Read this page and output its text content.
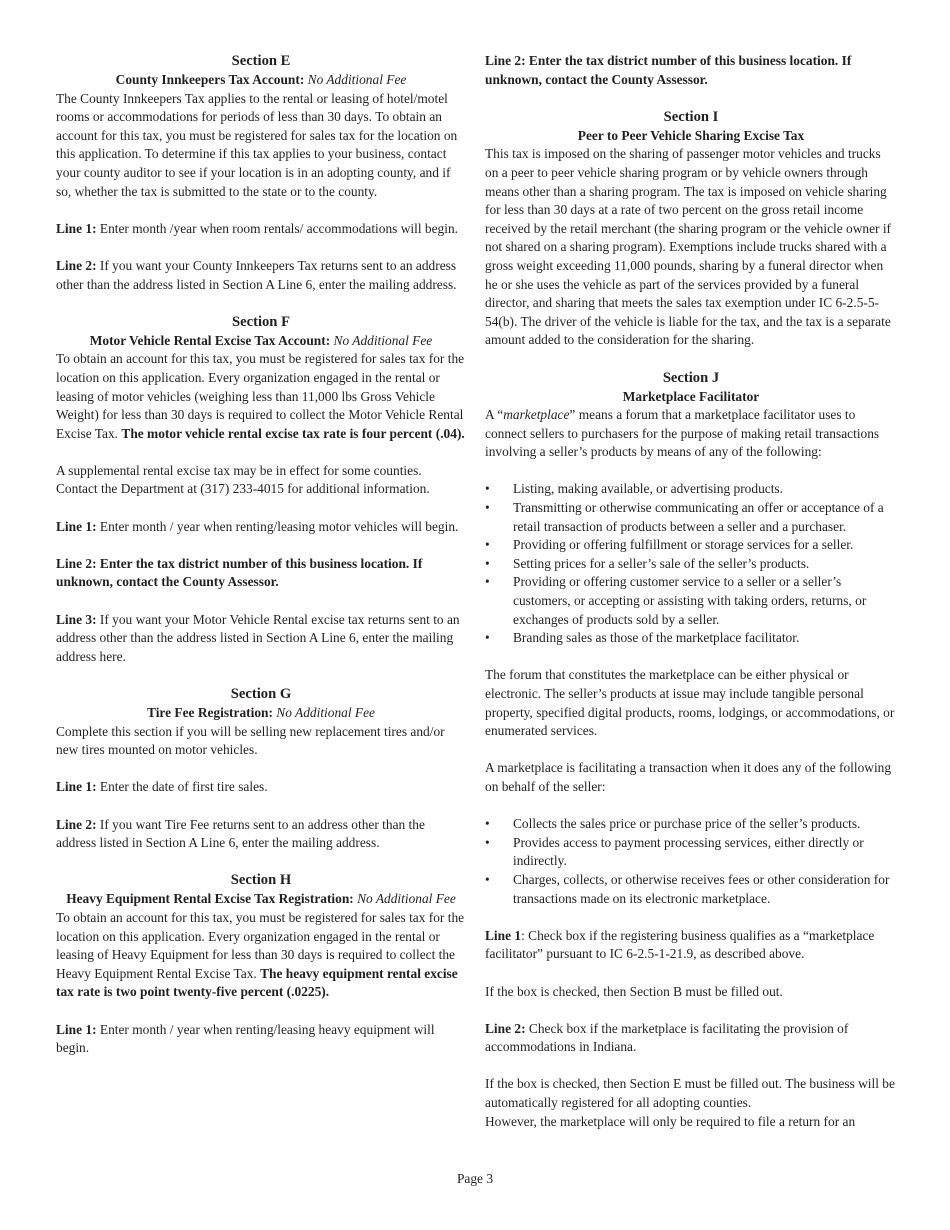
Section E

County Innkeepers Tax Account: No Additional Fee

The County Innkeepers Tax applies to the rental or leasing of hotel/motel rooms or accommodations for periods of less than 30 days. To obtain an account for this tax, you must be registered for sales tax for the location on this application. To determine if this tax applies to your business, contact your county auditor to see if your location is in an adopting county, and if so, whether the tax is submitted to the state or to the county.

Line 1: Enter month /year when room rentals/ accommodations will begin.

Line 2: If you want your County Innkeepers Tax returns sent to an address other than the address listed in Section A Line 6, enter the mailing address.

Section F

Motor Vehicle Rental Excise Tax Account: No Additional Fee

To obtain an account for this tax, you must be registered for sales tax for the location on this application. Every organization engaged in the rental or leasing of motor vehicles (weighing less than 11,000 lbs Gross Vehicle Weight) for less than 30 days is required to collect the Motor Vehicle Rental Excise Tax. The motor vehicle rental excise tax rate is four percent (.04).

A supplemental rental excise tax may be in effect for some counties. Contact the Department at (317) 233-4015 for additional information.

Line 1: Enter month / year when renting/leasing motor vehicles will begin.

Line 2: Enter the tax district number of this business location. If unknown, contact the County Assessor.

Line 3: If you want your Motor Vehicle Rental excise tax returns sent to an address other than the address listed in Section A Line 6, enter the mailing address here.

Section G

Tire Fee Registration: No Additional Fee

Complete this section if you will be selling new replacement tires and/or new tires mounted on motor vehicles.

Line 1: Enter the date of first tire sales.

Line 2: If you want Tire Fee returns sent to an address other than the address listed in Section A Line 6, enter the mailing address.

Section H

Heavy Equipment Rental Excise Tax Registration: No Additional Fee

To obtain an account for this tax, you must be registered for sales tax for the location on this application. Every organization engaged in the rental or leasing of Heavy Equipment for less than 30 days is required to collect the Heavy Equipment Rental Excise Tax. The heavy equipment rental excise tax rate is two point twenty-five percent (.0225).

Line 1: Enter month / year when renting/leasing heavy equipment will begin.

Line 2: Enter the tax district number of this business location. If unknown, contact the County Assessor.

Section I

Peer to Peer Vehicle Sharing Excise Tax

This tax is imposed on the sharing of passenger motor vehicles and trucks on a peer to peer vehicle sharing program or by vehicle owners through means other than a sharing program. The tax is imposed on vehicle sharing for less than 30 days at a rate of two percent on the gross retail income received by the retail merchant (the sharing program or the vehicle owner if not shared on a sharing program). Exemptions include trucks shared with a gross weight exceeding 11,000 pounds, sharing by a funeral director when he or she uses the vehicle as part of the services provided by a funeral director, and sharing that meets the sales tax exemption under IC 6-2.5-5-54(b). The driver of the vehicle is liable for the tax, and the tax is a separate amount added to the consideration for the sharing.

Section J

Marketplace Facilitator

A “marketplace” means a forum that a marketplace facilitator uses to connect sellers to purchasers for the purpose of making retail transactions involving a seller’s products by means of any of the following:

• Listing, making available, or advertising products.
• Transmitting or otherwise communicating an offer or acceptance of a retail transaction of products between a seller and a purchaser.
• Providing or offering fulfillment or storage services for a seller.
• Setting prices for a seller’s sale of the seller’s products.
• Providing or offering customer service to a seller or a seller’s customers, or accepting or assisting with taking orders, returns, or exchanges of products sold by a seller.
• Branding sales as those of the marketplace facilitator.

The forum that constitutes the marketplace can be either physical or electronic. The seller’s products at issue may include tangible personal property, specified digital products, rooms, lodgings, or accommodations, or enumerated services.

A marketplace is facilitating a transaction when it does any of the following on behalf of the seller:

• Collects the sales price or purchase price of the seller’s products.
• Provides access to payment processing services, either directly or indirectly.
• Charges, collects, or otherwise receives fees or other consideration for transactions made on its electronic marketplace.

Line 1: Check box if the registering business qualifies as a “marketplace facilitator” pursuant to IC 6-2.5-1-21.9, as described above.

If the box is checked, then Section B must be filled out.

Line 2: Check box if the marketplace is facilitating the provision of accommodations in Indiana.

If the box is checked, then Section E must be filled out. The business will be automatically registered for all adopting counties.

However, the marketplace will only be required to file a return for an

Page 3
